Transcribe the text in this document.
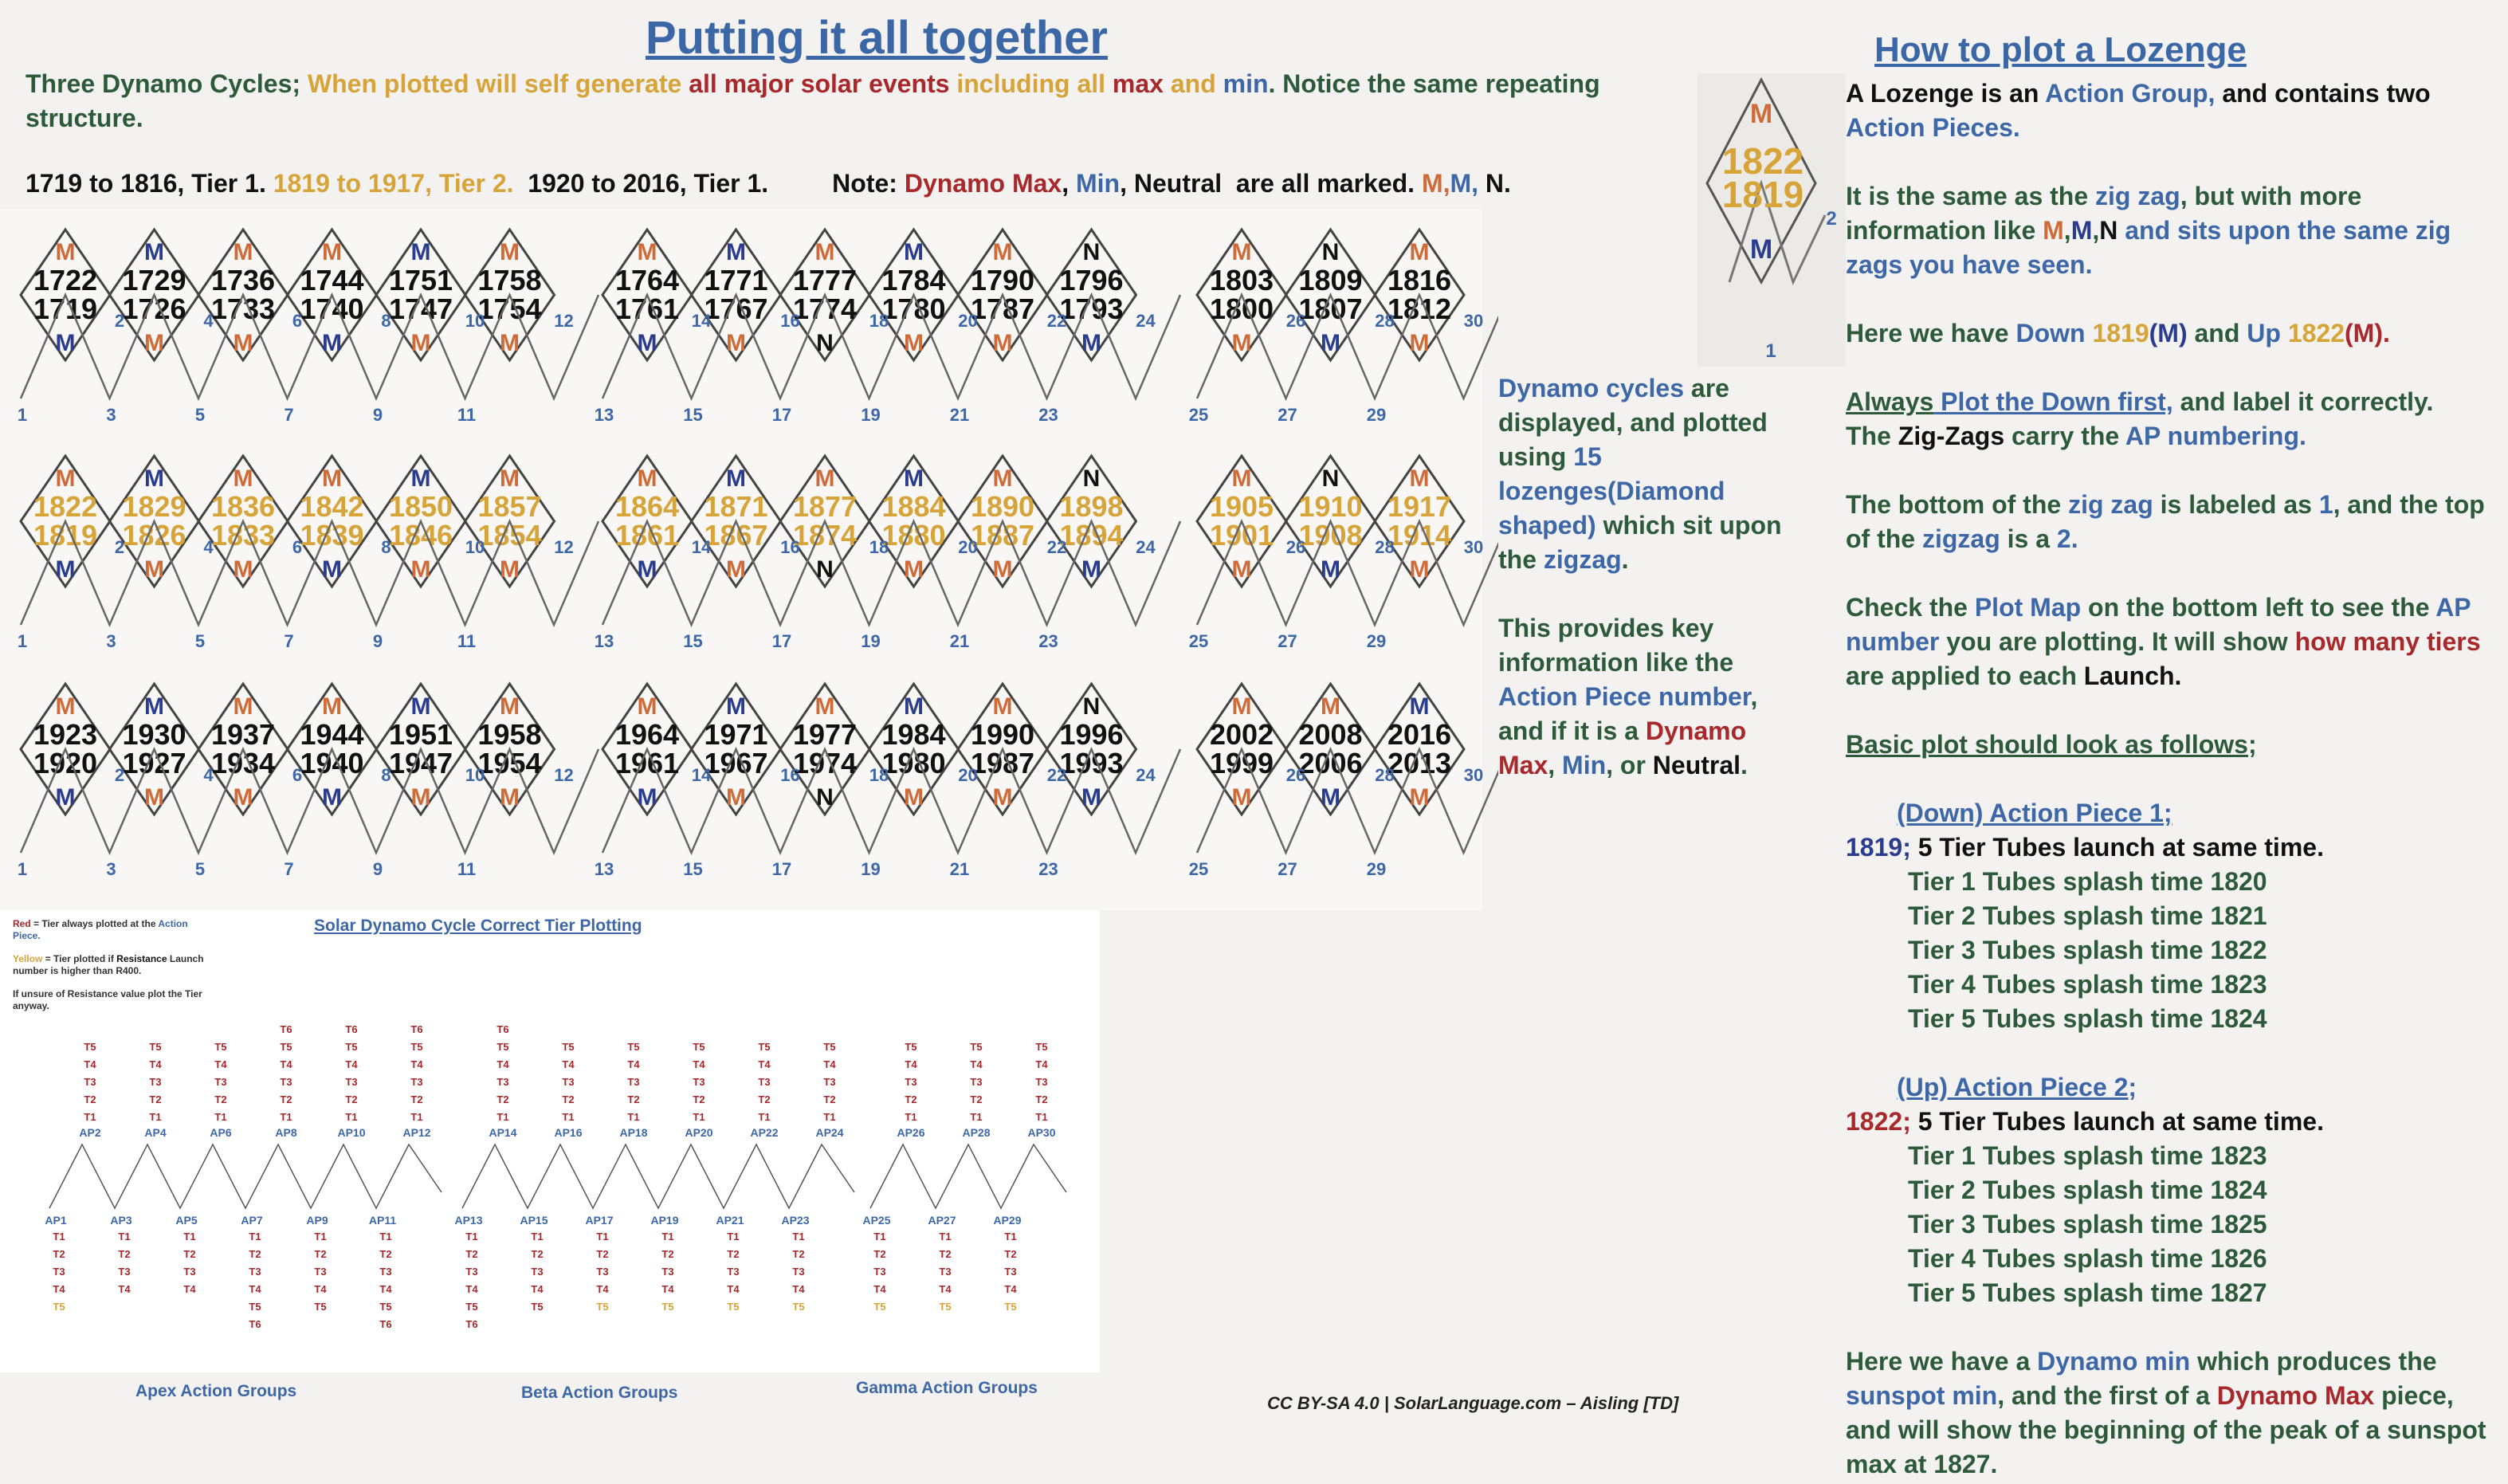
Putting it all together
Three Dynamo Cycles; When plotted will self generate all major solar events including all max and min. Notice the same repeating structure.
1719 to 1816, Tier 1. 1819 to 1917, Tier 2.  1920 to 2016, Tier 1.	Note: Dynamo Max, Min, Neutral  are all marked. M,M, N.
M
1722
1719
M
M
1729
1726
M
M
1736
1733
M
M
1744
1740
M
M
1751
1747
M
M
1758
1754
M
M
1764
1761
M
M
1771
1767
M
M
1777
1774
N
M
1784
1780
M
M
1790
1787
M
N
1796
1793
M
M
1803
1800
M
N
1809
1807
M
M
1816
1812
M
1
2
3
4
5
6
7
8
9
10
11
12
13
14
15
16
17
18
19
20
21
22
23
24
25
26
27
28
29
30
M
1822
1819
M
M
1829
1826
M
M
1836
1833
M
M
1842
1839
M
M
1850
1846
M
M
1857
1854
M
M
1864
1861
M
M
1871
1867
M
M
1877
1874
N
M
1884
1880
M
M
1890
1887
M
N
1898
1894
M
M
1905
1901
M
N
1910
1908
M
M
1917
1914
M
1
2
3
4
5
6
7
8
9
10
11
12
13
14
15
16
17
18
19
20
21
22
23
24
25
26
27
28
29
30
M
1923
1920
M
M
1930
1927
M
M
1937
1934
M
M
1944
1940
M
M
1951
1947
M
M
1958
1954
M
M
1964
1961
M
M
1971
1967
M
M
1977
1974
N
M
1984
1980
M
M
1990
1987
M
N
1996
1993
M
M
2002
1999
M
M
2008
2006
M
M
2016
2013
M
1
2
3
4
5
6
7
8
9
10
11
12
13
14
15
16
17
18
19
20
21
22
23
24
25
26
27
28
29
30
Dynamo cycles are displayed, and plotted using 15 lozenges(Diamond shaped) which sit upon the zigzag.
This provides key information like the Action Piece number, and if it is a Dynamo Max, Min, or Neutral.
How to plot a Lozenge
M
1822
1819
M
1
2
A Lozenge is an Action Group, and contains two Action Pieces.
It is the same as the zig zag, but with more information like M,M,N and sits upon the same zig zags you have seen.
Here we have Down 1819(M) and Up 1822(M).
Always Plot the Down first, and label it correctly.
The Zig-Zags carry the AP numbering.
The bottom of the zig zag is labeled as 1, and the top of the zigzag is a 2.
Check the Plot Map on the bottom left to see the AP number you are plotting. It will show how many tiers are applied to each Launch.
Basic plot should look as follows;
(Down) Action Piece 1;
1819; 5 Tier Tubes launch at same time.
Tier 1 Tubes splash time 1820
Tier 2 Tubes splash time 1821
Tier 3 Tubes splash time 1822
Tier 4 Tubes splash time 1823
Tier 5 Tubes splash time 1824
(Up) Action Piece 2;
1822; 5 Tier Tubes launch at same time.
Tier 1 Tubes splash time 1823
Tier 2 Tubes splash time 1824
Tier 3 Tubes splash time 1825
Tier 4 Tubes splash time 1826
Tier 5 Tubes splash time 1827
Here we have a Dynamo min which produces the sunspot min, and the first of a Dynamo Max piece, and will show the beginning of the peak of a sunspot max at 1827.
Solar Dynamo Cycle Correct Tier Plotting
Red = Tier always plotted at the Action Piece.
Yellow = Tier plotted if Resistance Launch number is higher than R400.
If unsure of Resistance value plot the Tier anyway.
AP2
T5
T4
T3
T2
T1
AP1
T1
T2
T3
T4
T5
AP4
T5
T4
T3
T2
T1
AP3
T1
T2
T3
T4
AP6
T5
T4
T3
T2
T1
AP5
T1
T2
T3
T4
AP8
T6
T5
T4
T3
T2
T1
AP7
T1
T2
T3
T4
T5
T6
AP10
T6
T5
T4
T3
T2
T1
AP9
T1
T2
T3
T4
T5
AP12
T6
T5
T4
T3
T2
T1
AP11
T1
T2
T3
T4
T5
T6
AP14
T6
T5
T4
T3
T2
T1
AP13
T1
T2
T3
T4
T5
T6
AP16
T5
T4
T3
T2
T1
AP15
T1
T2
T3
T4
T5
AP18
T5
T4
T3
T2
T1
AP17
T1
T2
T3
T4
T5
AP20
T5
T4
T3
T2
T1
AP19
T1
T2
T3
T4
T5
AP22
T5
T4
T3
T2
T1
AP21
T1
T2
T3
T4
T5
AP24
T5
T4
T3
T2
T1
AP23
T1
T2
T3
T4
T5
AP26
T5
T4
T3
T2
T1
AP25
T1
T2
T3
T4
T5
AP28
T5
T4
T3
T2
T1
AP27
T1
T2
T3
T4
T5
AP30
T5
T4
T3
T2
T1
AP29
T1
T2
T3
T4
T5
Apex Action Groups	Beta Action Groups	Gamma Action Groups
CC BY-SA 4.0 | SolarLanguage.com – Aisling [TD]
